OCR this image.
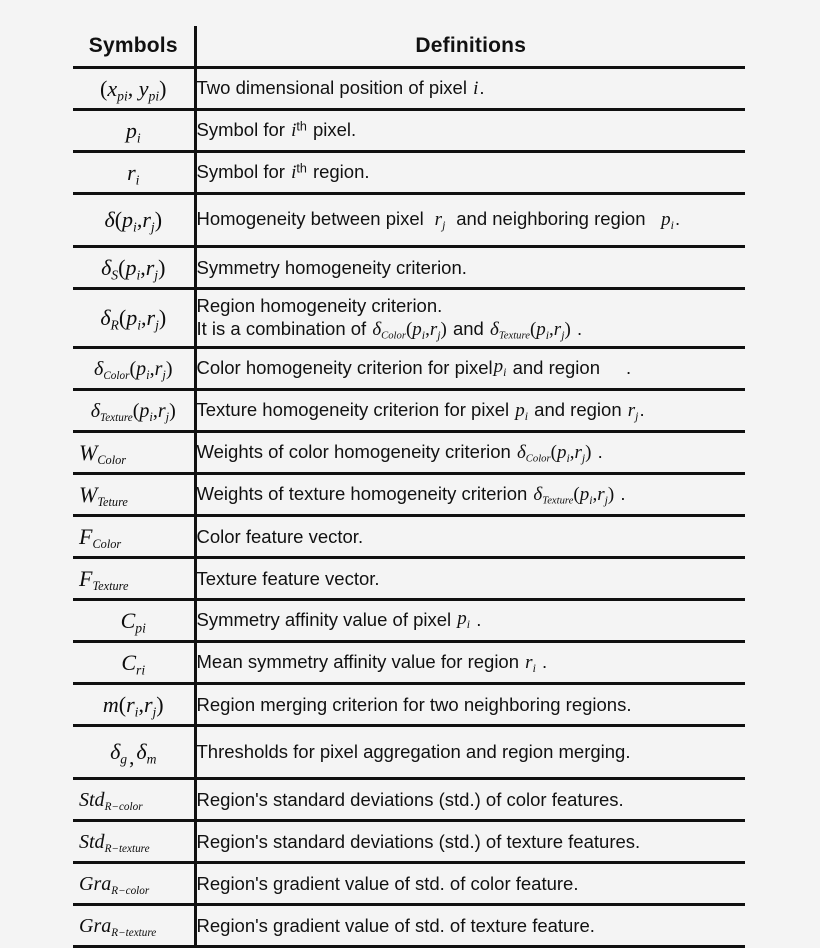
Symbols	Definitions
($x_{pi}$, $y_{pi}$)	Two dimensional position of pixel i.
$p_i$	Symbol for $i^{th}$ pixel.
$r_i$	Symbol for $i^{th}$ region.
$\delta(p_i,r_j)$	Homogeneity between pixel  $r_j$ and neighboring region   $p_i$.
$\delta_S(p_i,r_j)$	Symmetry homogeneity criterion.
$\delta_R(p_i,r_j)$	Region homogeneity criterion.
It is a combination of $\delta_{Color}(p_i,r_j)$ and $\delta_{Texture}(p_i,r_j)$ .

$\delta_{Color}(p_i,r_j)$	Color homogeneity criterion for pixelp$_i$ and region .
$\delta_{Texture}(p_i,r_j)$	Texture homogeneity criterion for pixel $p_i$ and region $r_j$.
$W_{Color}$	Weights of color homogeneity criterion $\delta_{Color}(p_i,r_j)$ .
$W_{Teture}$	Weights of texture homogeneity criterion $\delta_{Texture}(p_i,r_j)$ .
$F_{Color}$	Color feature vector.
$F_{Texture}$	Texture feature vector.
$C_{pi}$	Symmetry affinity value of pixel $p_i$ .
$C_{ri}$	Mean symmetry affinity value for region $r_i$ .
$m(r_i,r_j)$	Region merging criterion for two neighboring regions.
$\delta_g,\delta_m$	Thresholds for pixel aggregation and region merging.
Std$_{R-color}$	Region's standard deviations (std.) of color features.
Std$_{R-texture}$	Region's standard deviations (std.) of texture features.
Gra$_{R-color}$	Region's gradient value of std. of color feature.
Gra$_{R-texture}$	Region's gradient value of std. of texture feature.
